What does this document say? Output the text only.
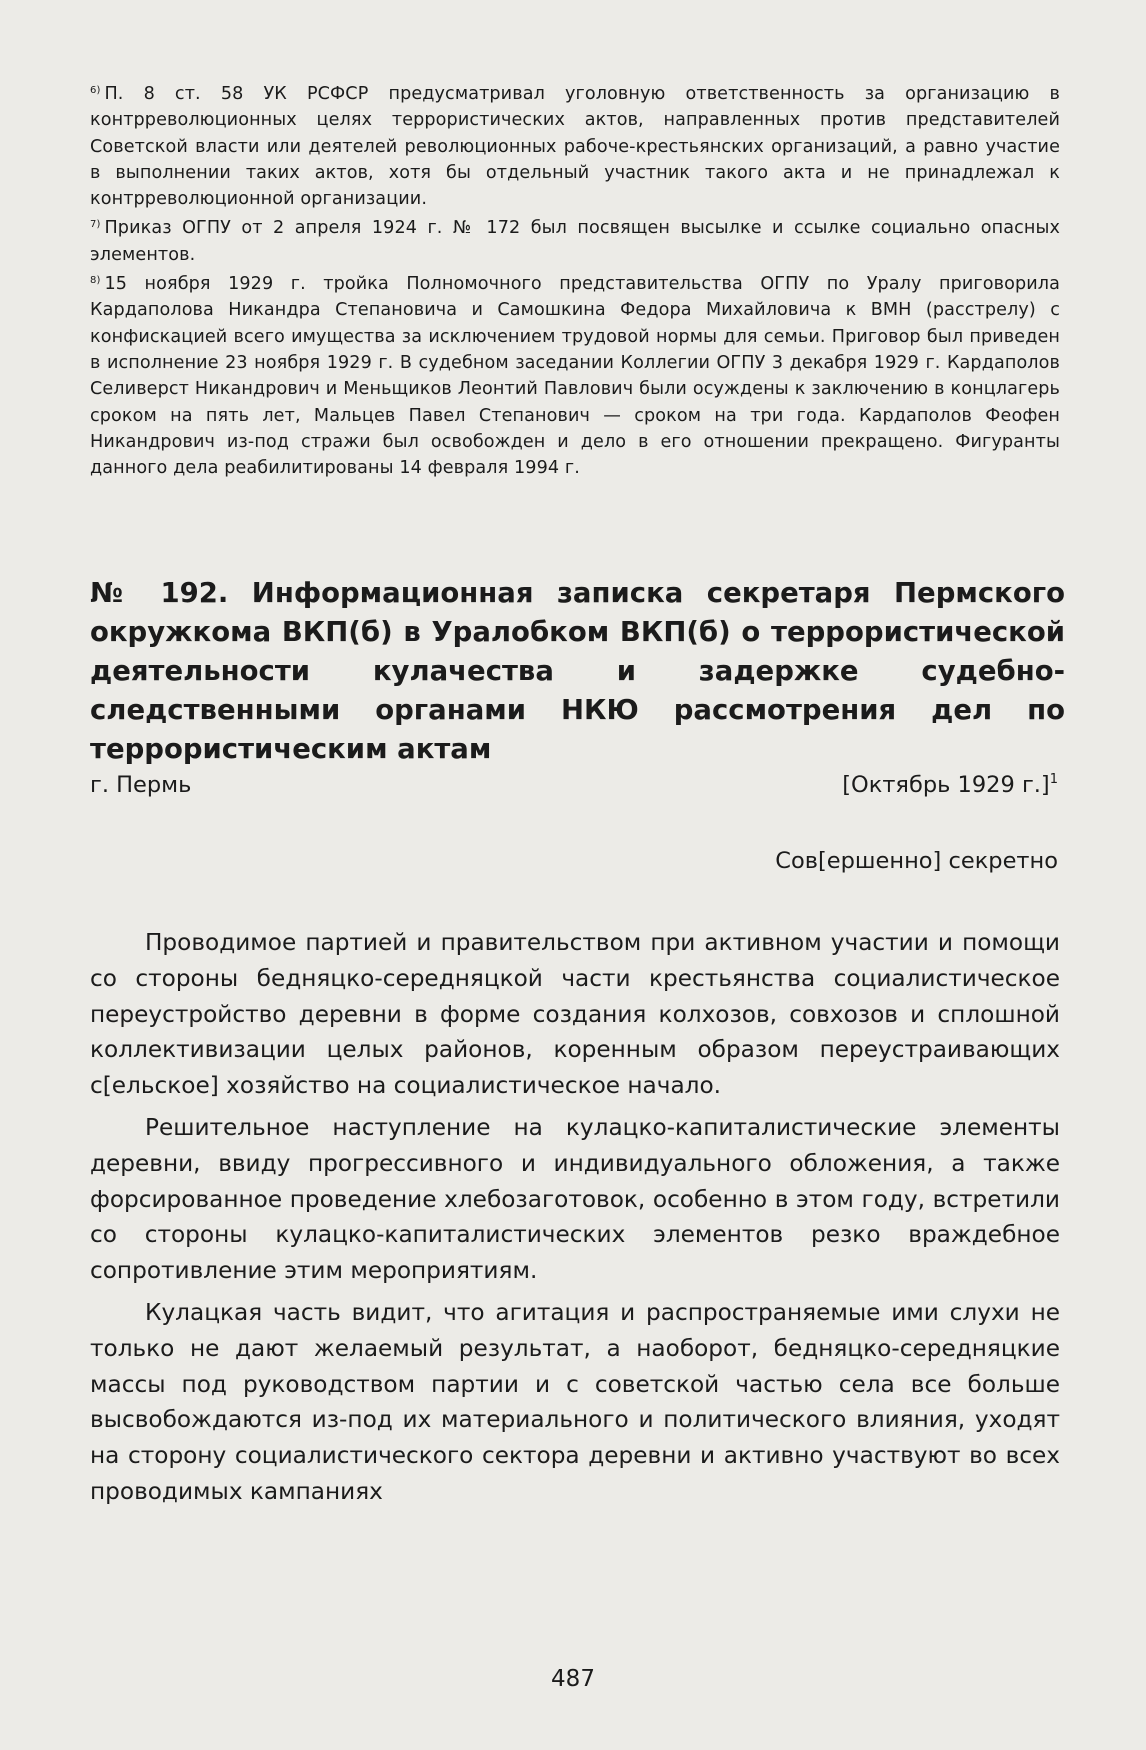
$^{6)}$ П. 8 ст. 58 УК РСФСР предусматривал уголовную ответственность за организацию в контрреволюционных целях террористических актов, направленных против представителей Советской власти или деятелей революционных рабоче-крестьянских организаций, а равно участие в выполнении таких актов, хотя бы отдельный участник такого акта и не принадлежал к контрреволюционной организации.

$^{7)}$ Приказ ОГПУ от 2 апреля 1924 г. № 172 был посвящен высылке и ссылке социально опасных элементов.

$^{8)}$ 15 ноября 1929 г. тройка Полномочного представительства ОГПУ по Уралу приговорила Кардаполова Никандра Степановича и Самошкина Федора Михайловича к ВМН (расстрелу) с конфискацией всего имущества за исключением трудовой нормы для семьи. Приговор был приведен в исполнение 23 ноября 1929 г. В судебном заседании Коллегии ОГПУ 3 декабря 1929 г. Кардаполов Селиверст Никандрович и Меньщиков Леонтий Павлович были осуждены к заключению в концлагерь сроком на пять лет, Мальцев Павел Степанович — сроком на три года. Кардаполов Феофен Никандрович из-под стражи был освобожден и дело в его отношении прекращено. Фигуранты данного дела реабилитированы 14 февраля 1994 г.

№ 192. Информационная записка секретаря Пермского окружкома ВКП(б) в Уралобком ВКП(б) о террористической деятельности кулачества и задержке судебно-следственными органами НКЮ рассмотрения дел по террористическим актам
г. Пермь	[Октябрь 1929 г.]$^1$
Сов[ершенно] секретно

Проводимое партией и правительством при активном участии и помощи со стороны бедняцко-середняцкой части крестьянства социалистическое переустройство деревни в форме создания колхозов, совхозов и сплошной коллективизации целых районов, коренным образом переустраивающих с[ельское] хозяйство на социалистическое начало.

Решительное наступление на кулацко-капиталистические элементы деревни, ввиду прогрессивного и индивидуального обложения, а также форсированное проведение хлебозаготовок, особенно в этом году, встретили со стороны кулацко-капиталистических элементов резко враждебное сопротивление этим мероприятиям.

Кулацкая часть видит, что агитация и распространяемые ими слухи не только не дают желаемый результат, а наоборот, бедняцко-середняцкие массы под руководством партии и с советской частью села все больше высвобождаются из-под их материального и политического влияния, уходят на сторону социалистического сектора деревни и активно участвуют во всех проводимых кампаниях

487
